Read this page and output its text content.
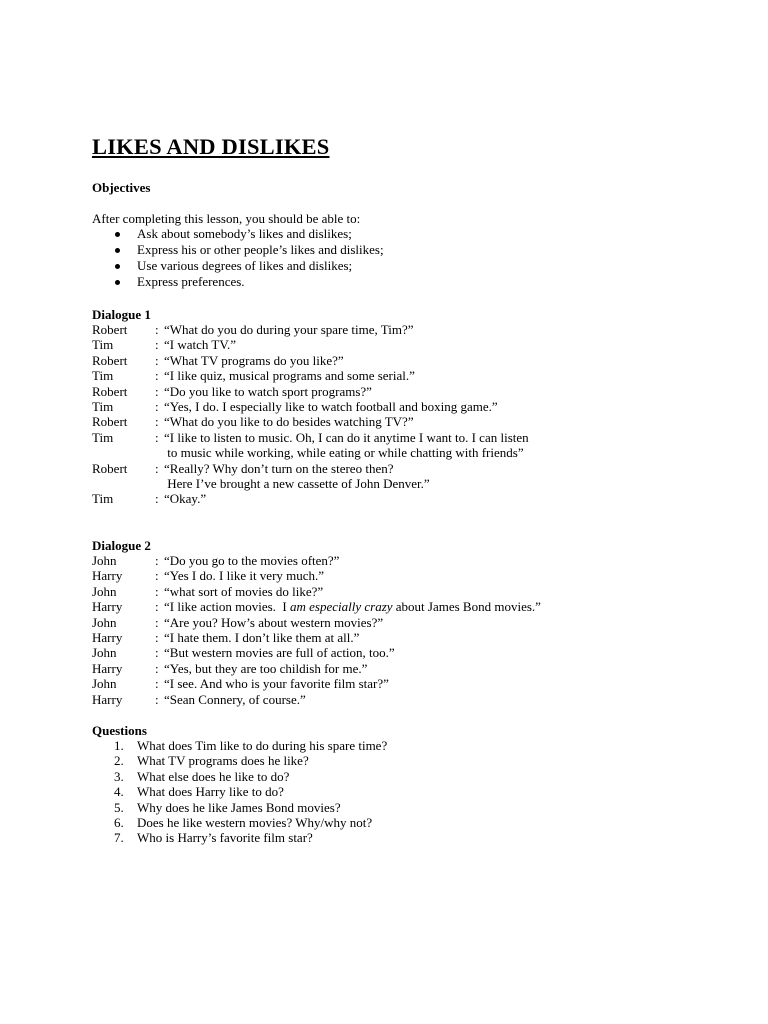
LIKES AND DISLIKES
Objectives
After completing this lesson, you should be able to:
Ask about somebody’s likes and dislikes;
Express his or other people’s likes and dislikes;
Use various degrees of likes and dislikes;
Express preferences.
Dialogue 1
Robert : “What do you do during your spare time, Tim?”
Tim	: “I watch TV.”
Robert : “What TV programs do you like?”
Tim	: “I like quiz, musical programs and some serial.”
Robert : “Do you like to watch sport programs?”
Tim	: “Yes, I do. I especially like to watch football and boxing game.”
Robert : “What do you like to do besides watching TV?”
Tim	: “I like to listen to music. Oh, I can do it anytime I want to. I can listen
to music while working, while eating or while chatting with friends”
Robert : “Really? Why don’t turn on the stereo then?
Here I’ve brought a new cassette of John Denver.”
Tim	: “Okay.”
Dialogue 2
John	: “Do you go to the movies often?”
Harry	: “Yes I do. I like it very much.”
John	: “what sort of movies do like?”
Harry	: “I like action movies.  I am especially crazy about James Bond movies.”
John	: “Are you? How’s about western movies?”
Harry	: “I hate them. I don’t like them at all.”
John	: “But western movies are full of action, too.”
Harry	: “Yes, but they are too childish for me.”
John	: “I see. And who is your favorite film star?”
Harry	: “Sean Connery, of course.”
Questions
1. What does Tim like to do during his spare time?
2. What TV programs does he like?
3. What else does he like to do?
4. What does Harry like to do?
5. Why does he like James Bond movies?
6. Does he like western movies? Why/why not?
7. Who is Harry’s favorite film star?
